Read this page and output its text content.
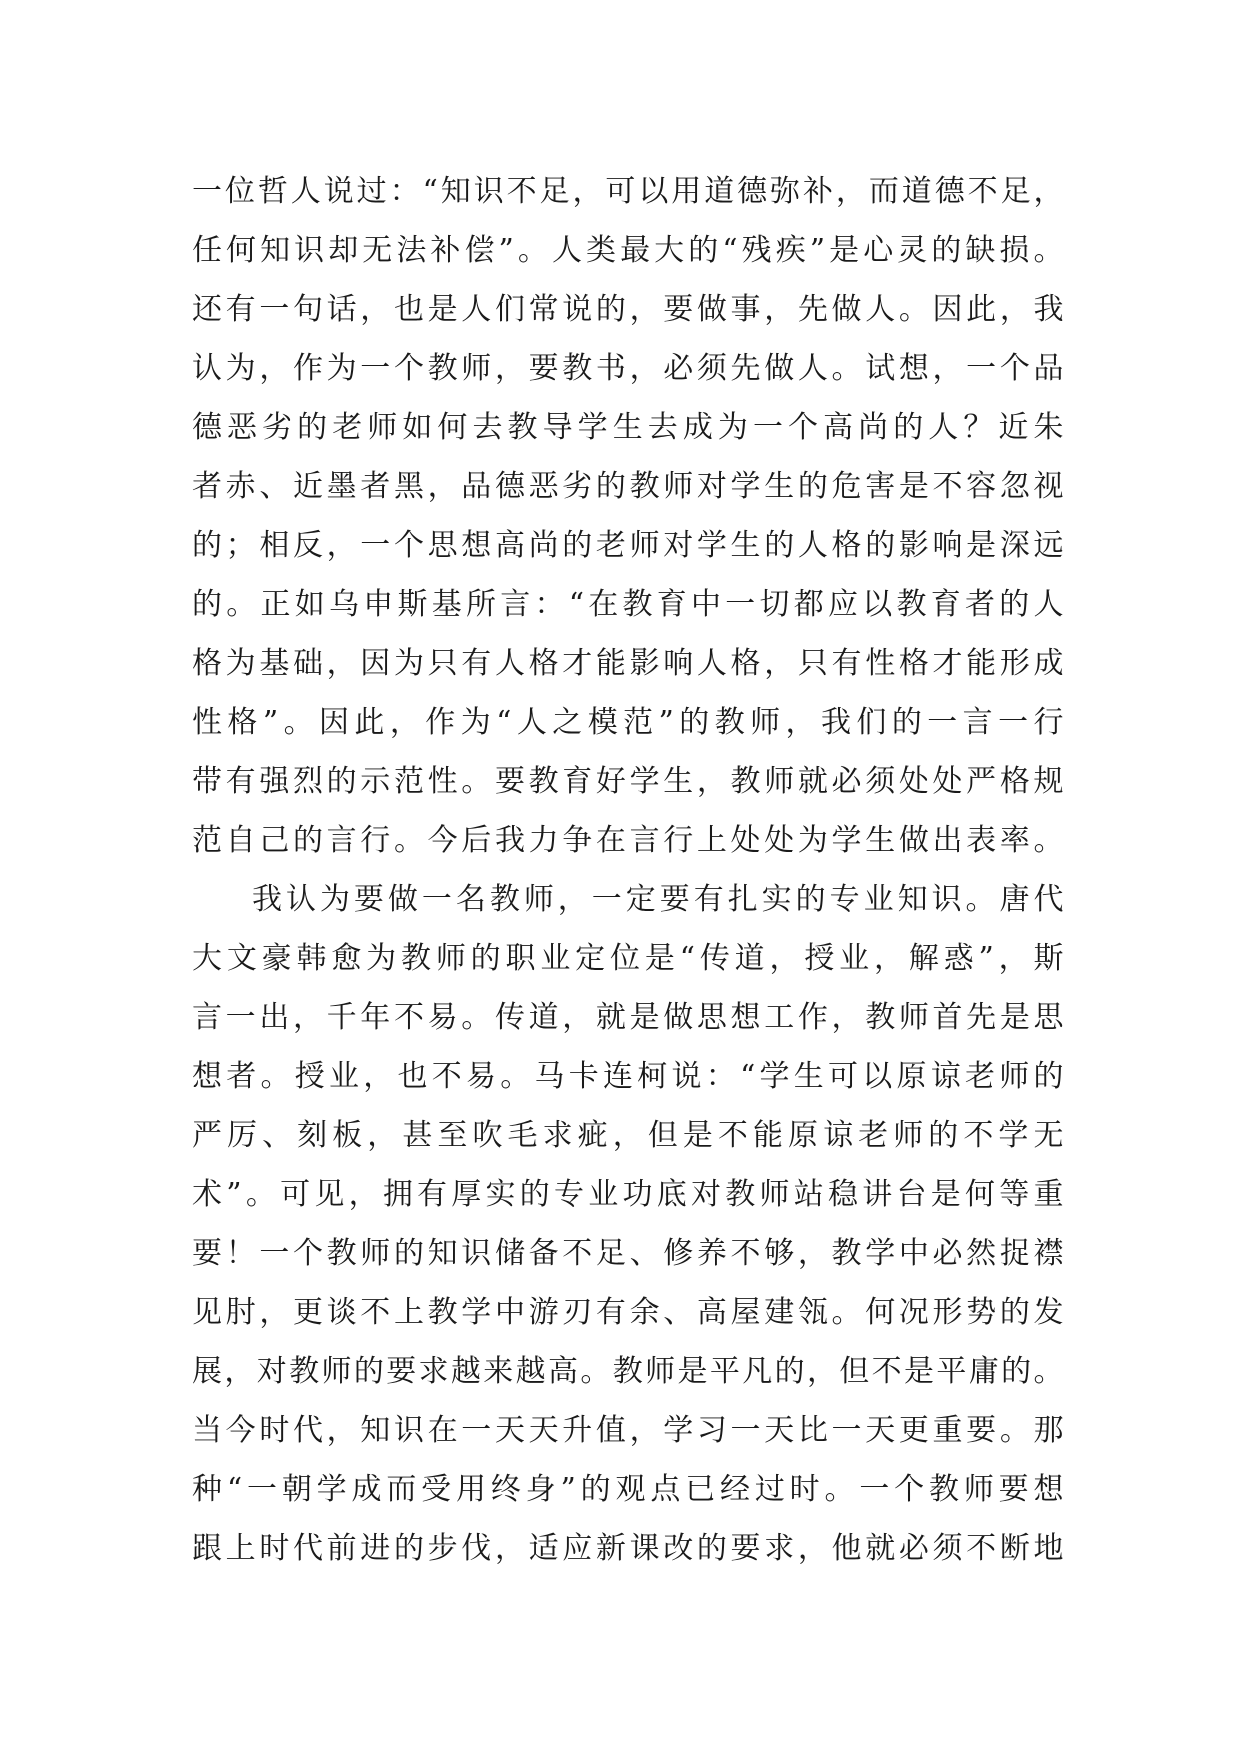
一位哲人说过：“知识不足，可以用道德弥补，而道德不足，
任何知识却无法补偿”。人类最大的“残疾”是心灵的缺损。
还有一句话，也是人们常说的，要做事，先做人。因此，我
认为，作为一个教师，要教书，必须先做人。试想，一个品
德恶劣的老师如何去教导学生去成为一个高尚的人？近朱
者赤、近墨者黑，品德恶劣的教师对学生的危害是不容忽视
的；相反，一个思想高尚的老师对学生的人格的影响是深远
的。正如乌申斯基所言：“在教育中一切都应以教育者的人
格为基础，因为只有人格才能影响人格，只有性格才能形成
性格”。因此，作为“人之模范”的教师，我们的一言一行
带有强烈的示范性。要教育好学生，教师就必须处处严格规
范自己的言行。今后我力争在言行上处处为学生做出表率。
我认为要做一名教师，一定要有扎实的专业知识。唐代
大文豪韩愈为教师的职业定位是“传道，授业，解惑”，斯
言一出，千年不易。传道，就是做思想工作，教师首先是思
想者。授业，也不易。马卡连柯说：“学生可以原谅老师的
严厉、刻板，甚至吹毛求疵，但是不能原谅老师的不学无
术”。可见，拥有厚实的专业功底对教师站稳讲台是何等重
要！一个教师的知识储备不足、修养不够，教学中必然捉襟
见肘，更谈不上教学中游刃有余、高屋建瓴。何况形势的发
展，对教师的要求越来越高。教师是平凡的，但不是平庸的。
当今时代，知识在一天天升值，学习一天比一天更重要。那
种“一朝学成而受用终身”的观点已经过时。一个教师要想
跟上时代前进的步伐，适应新课改的要求，他就必须不断地
